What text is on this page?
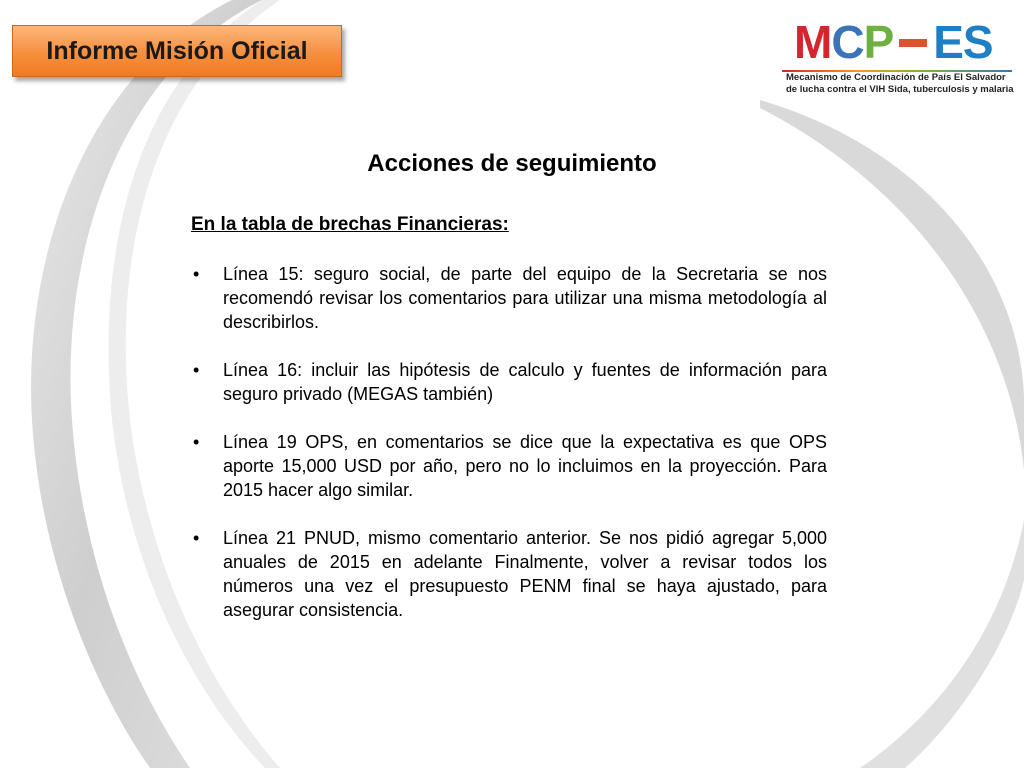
Informe Misión Oficial	MCP ES
Mecanismo de Coordinación de País El Salvador
de lucha contra el VIH Sida, tuberculosis y malaria
Acciones de seguimiento
En la tabla de brechas Financieras:
• Línea 15: seguro social, de parte del equipo de la Secretaria se nos recomendó revisar los comentarios para utilizar una misma metodología al describirlos.
• Línea 16: incluir las hipótesis de calculo y fuentes de información para seguro privado (MEGAS también)
• Línea 19 OPS, en comentarios se dice que la expectativa es que OPS aporte 15,000 USD por año, pero no lo incluimos en la proyección. Para 2015 hacer algo similar.
• Línea 21 PNUD, mismo comentario anterior. Se nos pidió agregar 5,000 anuales de 2015 en adelante Finalmente, volver a revisar todos los números una vez el presupuesto PENM final se haya ajustado, para asegurar consistencia.
